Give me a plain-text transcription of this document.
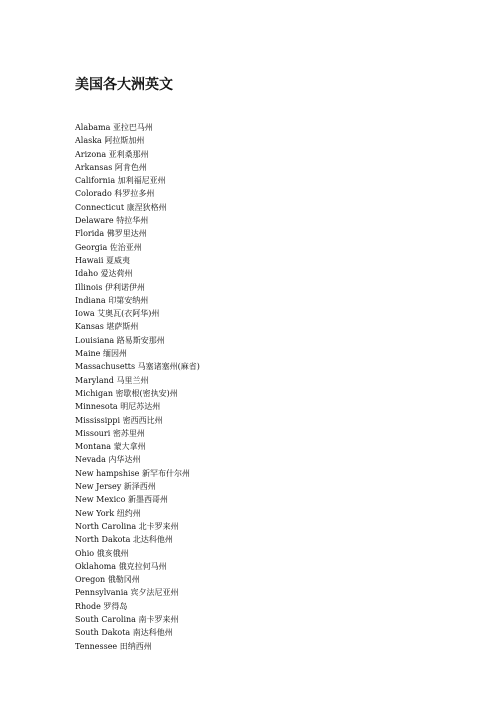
美国各大洲英文
Alabama 亚拉巴马州
Alaska 阿拉斯加州
Arizona 亚利桑那州
Arkansas 阿肯色州
California 加利福尼亚州
Colorado 科罗拉多州
Connecticut 康涅狄格州
Delaware 特拉华州
Florida 佛罗里达州
Georgia 佐治亚州
Hawaii 夏威夷
Idaho 爱达荷州
Illinois 伊利诺伊州
Indiana 印第安纳州
Iowa 艾奥瓦(衣阿华)州
Kansas 堪萨斯州
Louisiana 路易斯安那州
Maine 缅因州
Massachusetts 马塞诸塞州(麻省)
Maryland 马里兰州
Michigan 密歇根(密执安)州
Minnesota 明尼苏达州
Mississippi 密西西比州
Missouri 密苏里州
Montana 蒙大拿州
Nevada 内华达州
New hampshise 新罕布什尔州
New Jersey 新泽西州
New Mexico 新墨西哥州
New York 纽约州
North Carolina 北卡罗来州
North Dakota 北达科他州
Ohio 俄亥俄州
Oklahoma 俄克拉何马州
Oregon 俄勒冈州
Pennsylvania 宾夕法尼亚州
Rhode 罗得岛
South Carolina 南卡罗来州
South Dakota 南达科他州
Tennessee 田纳西州
